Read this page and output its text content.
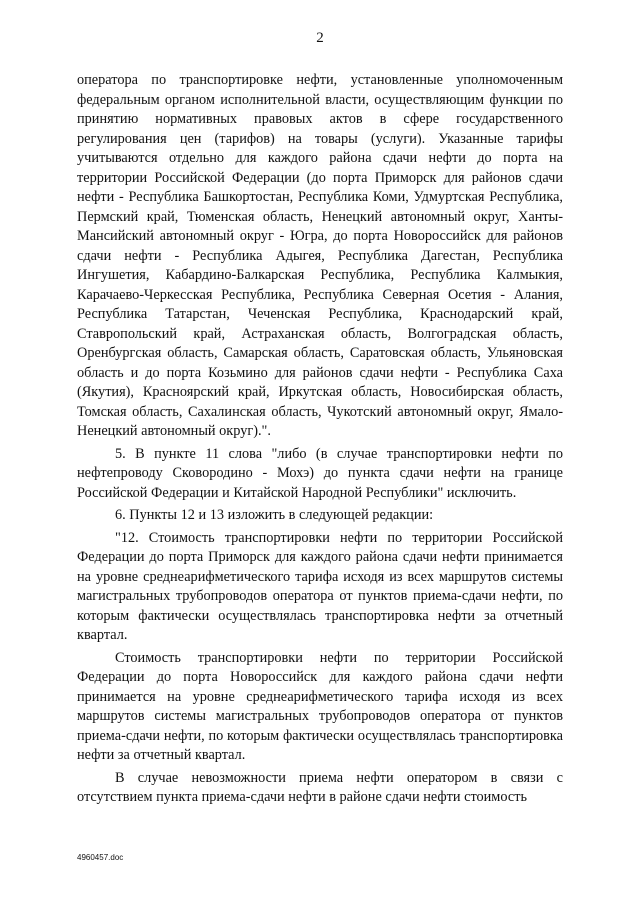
2

оператора по транспортировке нефти, установленные уполномоченным федеральным органом исполнительной власти, осуществляющим функции по принятию нормативных правовых актов в сфере государственного регулирования цен (тарифов) на товары (услуги). Указанные тарифы учитываются отдельно для каждого района сдачи нефти до порта на территории Российской Федерации (до порта Приморск для районов сдачи нефти - Республика Башкортостан, Республика Коми, Удмуртская Республика, Пермский край, Тюменская область, Ненецкий автономный округ, Ханты-Мансийский автономный округ - Югра, до порта Новороссийск для районов сдачи нефти - Республика Адыгея, Республика Дагестан, Республика Ингушетия, Кабардино-Балкарская Республика, Республика Калмыкия, Карачаево-Черкесская Республика, Республика Северная Осетия - Алания, Республика Татарстан, Чеченская Республика, Краснодарский край, Ставропольский край, Астраханская область, Волгоградская область, Оренбургская область, Самарская область, Саратовская область, Ульяновская область и до порта Козьмино для районов сдачи нефти - Республика Саха (Якутия), Красноярский край, Иркутская область, Новосибирская область, Томская область, Сахалинская область, Чукотский автономный округ, Ямало-Ненецкий автономный округ).".

5. В пункте 11 слова "либо (в случае транспортировки нефти по нефтепроводу Сковородино - Мохэ) до пункта сдачи нефти на границе Российской Федерации и Китайской Народной Республики" исключить.

6. Пункты 12 и 13 изложить в следующей редакции:

"12. Стоимость транспортировки нефти по территории Российской Федерации до порта Приморск для каждого района сдачи нефти принимается на уровне среднеарифметического тарифа исходя из всех маршрутов системы магистральных трубопроводов оператора от пунктов приема-сдачи нефти, по которым фактически осуществлялась транспортировка нефти за отчетный квартал.

Стоимость транспортировки нефти по территории Российской Федерации до порта Новороссийск для каждого района сдачи нефти принимается на уровне среднеарифметического тарифа исходя из всех маршрутов системы магистральных трубопроводов оператора от пунктов приема-сдачи нефти, по которым фактически осуществлялась транспортировка нефти за отчетный квартал.

В случае невозможности приема нефти оператором в связи с отсутствием пункта приема-сдачи нефти в районе сдачи нефти стоимость

4960457.doc
